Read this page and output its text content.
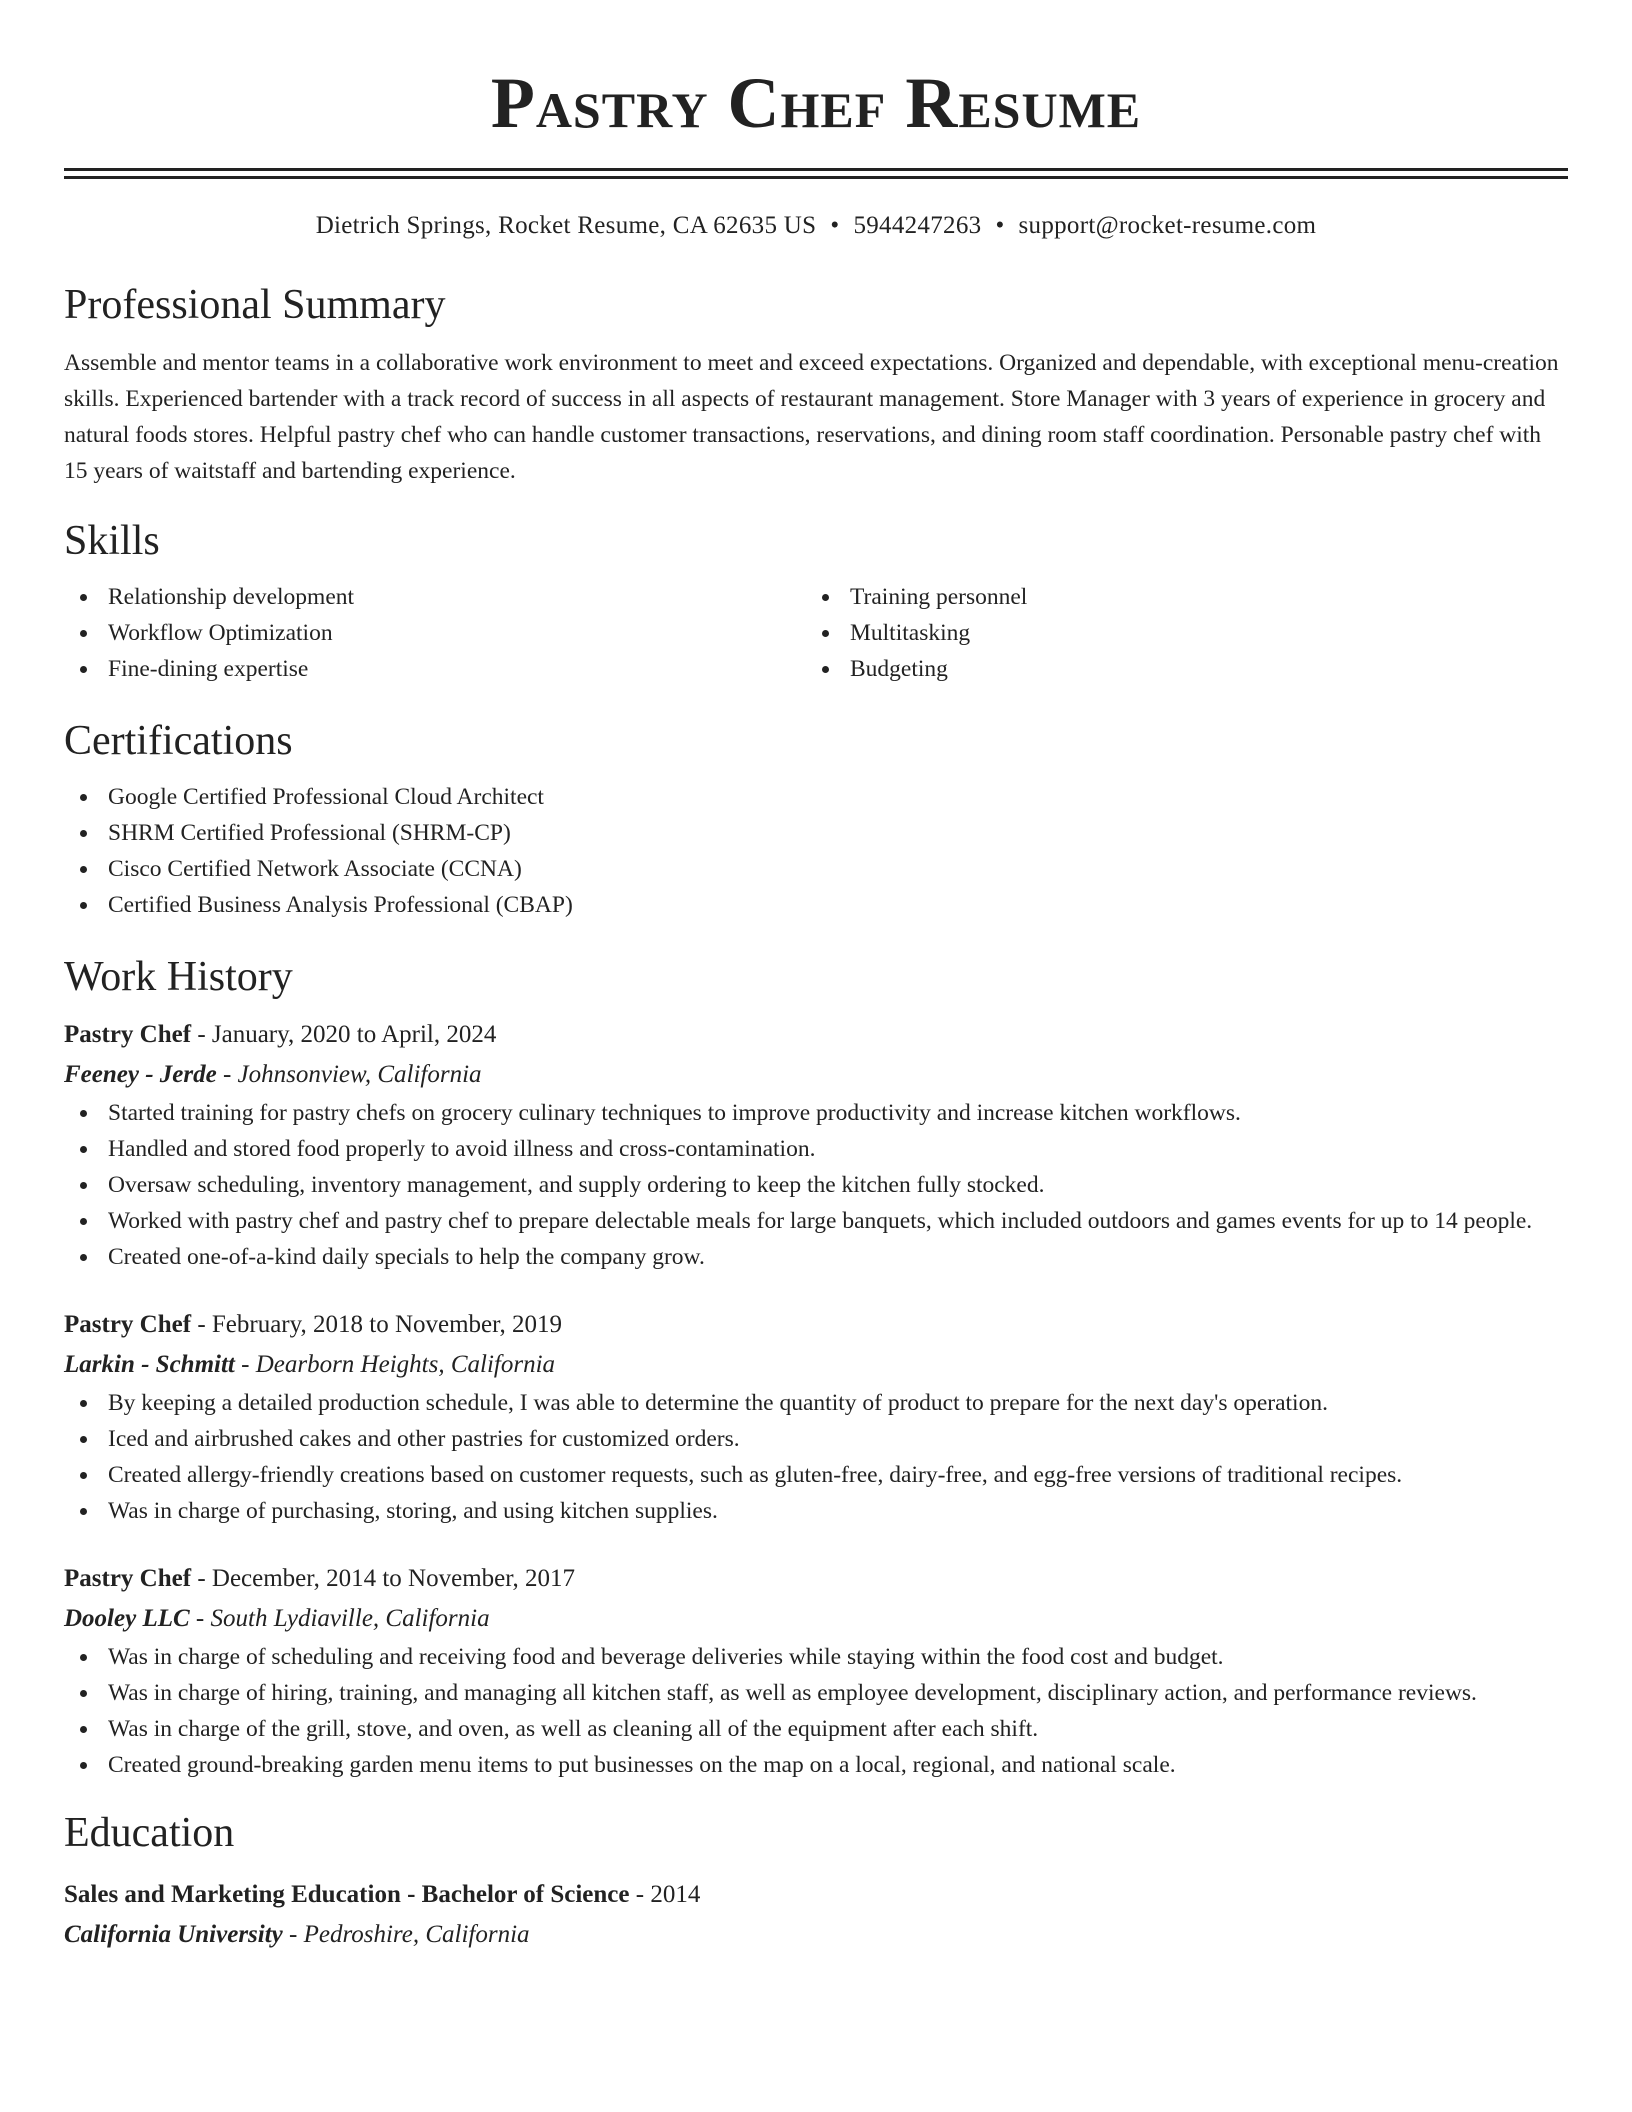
Pastry Chef Resume
Dietrich Springs, Rocket Resume, CA 62635 US • 5944247263 • support@rocket-resume.com
Professional Summary

Assemble and mentor teams in a collaborative work environment to meet and exceed expectations. Organized and dependable, with exceptional menu-creation skills. Experienced bartender with a track record of success in all aspects of restaurant management. Store Manager with 3 years of experience in grocery and natural foods stores. Helpful pastry chef who can handle customer transactions, reservations, and dining room staff coordination. Personable pastry chef with 15 years of waitstaff and bartending experience.

Skills
Relationship development
Workflow Optimization
Fine-dining expertise
Training personnel
Multitasking
Budgeting
Certifications
Google Certified Professional Cloud Architect
SHRM Certified Professional (SHRM-CP)
Cisco Certified Network Associate (CCNA)
Certified Business Analysis Professional (CBAP)
Work History
Pastry Chef - January, 2020 to April, 2024
Feeney - Jerde - Johnsonview, California
Started training for pastry chefs on grocery culinary techniques to improve productivity and increase kitchen workflows.
Handled and stored food properly to avoid illness and cross-contamination.
Oversaw scheduling, inventory management, and supply ordering to keep the kitchen fully stocked.
Worked with pastry chef and pastry chef to prepare delectable meals for large banquets, which included outdoors and games events for up to 14 people.
Created one-of-a-kind daily specials to help the company grow.
Pastry Chef - February, 2018 to November, 2019
Larkin - Schmitt - Dearborn Heights, California
By keeping a detailed production schedule, I was able to determine the quantity of product to prepare for the next day's operation.
Iced and airbrushed cakes and other pastries for customized orders.
Created allergy-friendly creations based on customer requests, such as gluten-free, dairy-free, and egg-free versions of traditional recipes.
Was in charge of purchasing, storing, and using kitchen supplies.
Pastry Chef - December, 2014 to November, 2017
Dooley LLC - South Lydiaville, California
Was in charge of scheduling and receiving food and beverage deliveries while staying within the food cost and budget.
Was in charge of hiring, training, and managing all kitchen staff, as well as employee development, disciplinary action, and performance reviews.
Was in charge of the grill, stove, and oven, as well as cleaning all of the equipment after each shift.
Created ground-breaking garden menu items to put businesses on the map on a local, regional, and national scale.
Education
Sales and Marketing Education - Bachelor of Science - 2014
California University - Pedroshire, California
